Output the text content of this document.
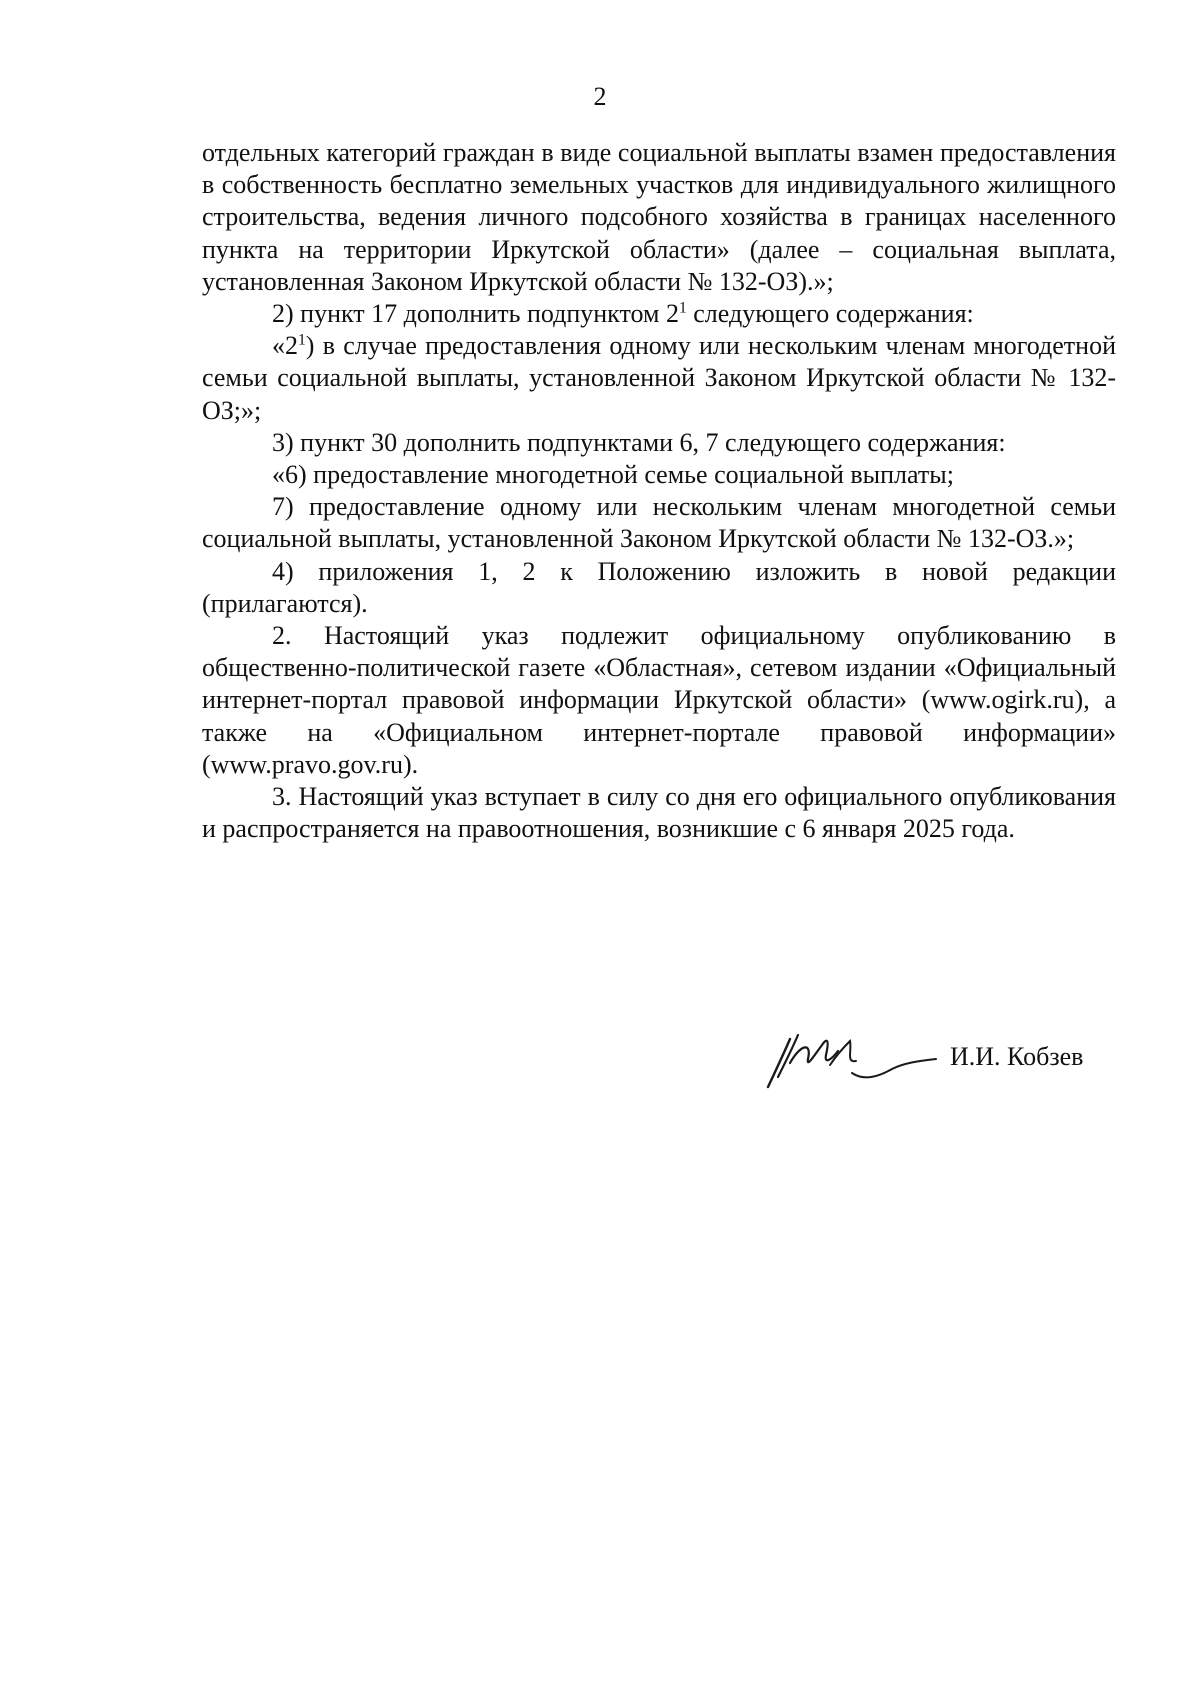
2

отдельных категорий граждан в виде социальной выплаты взамен предоставления в собственность бесплатно земельных участков для индивидуального жилищного строительства, ведения личного подсобного хозяйства в границах населенного пункта на территории Иркутской области» (далее – социальная выплата, установленная Законом Иркутской области № 132-ОЗ).»;

2) пункт 17 дополнить подпунктом $2^1$ следующего содержания:

«$2^1$) в случае предоставления одному или нескольким членам многодетной семьи социальной выплаты, установленной Законом Иркутской области № 132-ОЗ;»;

3) пункт 30 дополнить подпунктами 6, 7 следующего содержания:

«6) предоставление многодетной семье социальной выплаты;

7) предоставление одному или нескольким членам многодетной семьи социальной выплаты, установленной Законом Иркутской области № 132-ОЗ.»;

4) приложения 1, 2 к Положению изложить в новой редакции (прилагаются).

2. Настоящий указ подлежит официальному опубликованию в общественно-политической газете «Областная», сетевом издании «Официальный интернет-портал правовой информации Иркутской области» (www.ogirk.ru), а также на «Официальном интернет-портале правовой информации» (www.pravo.gov.ru).

3. Настоящий указ вступает в силу со дня его официального опубликования и распространяется на правоотношения, возникшие с 6 января 2025 года.

И.И. Кобзев
